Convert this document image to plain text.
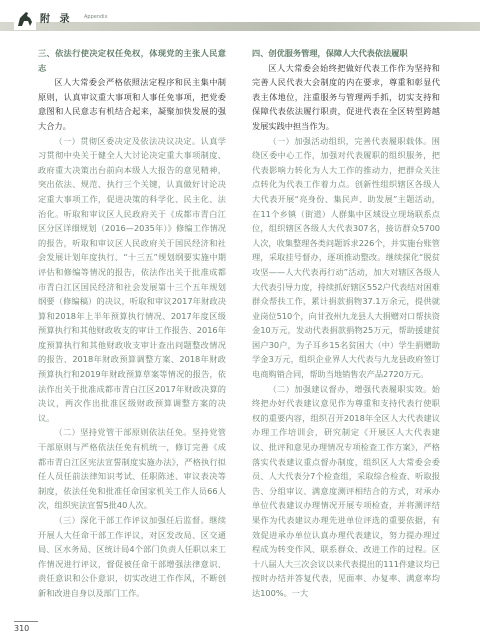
附 录 Appendix

三、依法行使决定权任免权，体现党的主张人民意志

区人大常委会严格依照法定程序和民主集中制原则，认真审议重大事项和人事任免事项，把党委意图和人民意志有机结合起来，凝聚加快发展的强大合力。

（一）贯彻区委决定及依法决议决定。认真学习贯彻中央关于健全人大讨论决定重大事项制度、政府重大决策出台前向本级人大报告的意见精神，突出依法、规范、执行三个关键，认真做好讨论决定重大事项工作，促进决策的科学化、民主化、法治化。听取和审议区人民政府关于《成都市青白江区分区详细规划（2016—2035年）》修编工作情况的报告，听取和审议区人民政府关于国民经济和社会发展计划年度执行、“十三五”规划纲要实施中期评估和修编等情况的报告，依法作出关于批准成都市青白江区国民经济和社会发展第十三个五年规划纲要（修编稿）的决议，听取和审议2017年财政决算和2018年上半年预算执行情况、2017年度区级预算执行和其他财政收支的审计工作报告、2016年度预算执行和其他财政收支审计查出问题整改情况的报告、2018年财政预算调整方案、2018年财政预算执行和2019年财政预算草案等情况的报告，依法作出关于批准成都市青白江区2017年财政决算的决议，两次作出批准区级财政预算调整方案的决议。

（二）坚持党管干部原则依法任免。坚持党管干部原则与严格依法任免有机统一，修订完善《成都市青白江区宪法宣誓制度实施办法》，严格执行拟任人员任前法律知识考试、任职陈述、审议表决等制度，依法任免和批准任命国家机关工作人员66人次，组织宪法宣誓5批40人次。

（三）深化干部工作评议加强任后监督。继续开展人大任命干部工作评议，对区发改局、区交通局、区水务局、区统计局4个部门负责人任职以来工作情况进行评议，督促被任命干部增强法律意识、责任意识和公仆意识，切实改进工作作风，不断创新和改进自身以及部门工作。

四、创优服务管理，保障人大代表依法履职

区人大常委会始终把做好代表工作作为坚持和完善人民代表大会制度的内在要求，尊重和彰显代表主体地位，注重服务与管理两手抓，切实支持和保障代表依法履行职责，促进代表在全区转型跨越发展实践中担当作为。

（一）加强活动组织，完善代表履职载体。围绕区委中心工作，加强对代表履职的组织服务，把代表影响力转化为人大工作的推动力，把群众关注点转化为代表工作着力点。创新性组织辖区各级人大代表开展“亮身份、集民声、助发展”主题活动，在11个乡镇（街道）人群集中区域设立现场联系点位，组织辖区各级人大代表307名，接访群众5700人次，收集整理各类问题诉求226个，并实施台账管理，采取挂号督办，逐项推动整改。继续探化“脱贫攻坚——人大代表再行动”活动，加大对辖区各级人大代表引导力度，持续抓好辖区552户代表结对困难群众帮扶工作，累计捐款捐物37.1万余元，提供就业岗位510个，向甘孜州九龙县人大捐赠对口帮扶资金10万元，发动代表捐款捐物25万元，帮助援建贫困户30户，为子耳乡15名贫困大（中）学生捐赠助学金3万元，组织企业界人大代表与九龙县政府签订电商购销合同，帮助当地销售农产品2720万元。

（二）加强建议督办，增强代表履职实效。始终把办好代表建议意见作为尊重和支持代表行使职权的重要内容，组织召开2018年全区人大代表建议办理工作培训会，研究制定《开展区人大代表建议、批评和意见办理情况专项检查工作方案》，严格落实代表建议重点督办制度，组织区人大常委会委员、人大代表分7个检查组，采取综合检查、听取报告、分组审议、满意度测评相结合的方式，对承办单位代表建议办理情况开展专项检查，并将测评结果作为代表建议办理先进单位评选的重要依据，有效促进承办单位认真办理代表建议，努力提办理过程成为转变作风、联系群众、改进工作的过程。区十八届人大三次会议以来代表提出的111件建议均已按时办结并答复代表，见面率、办复率、满意率均达100%。一大

310
